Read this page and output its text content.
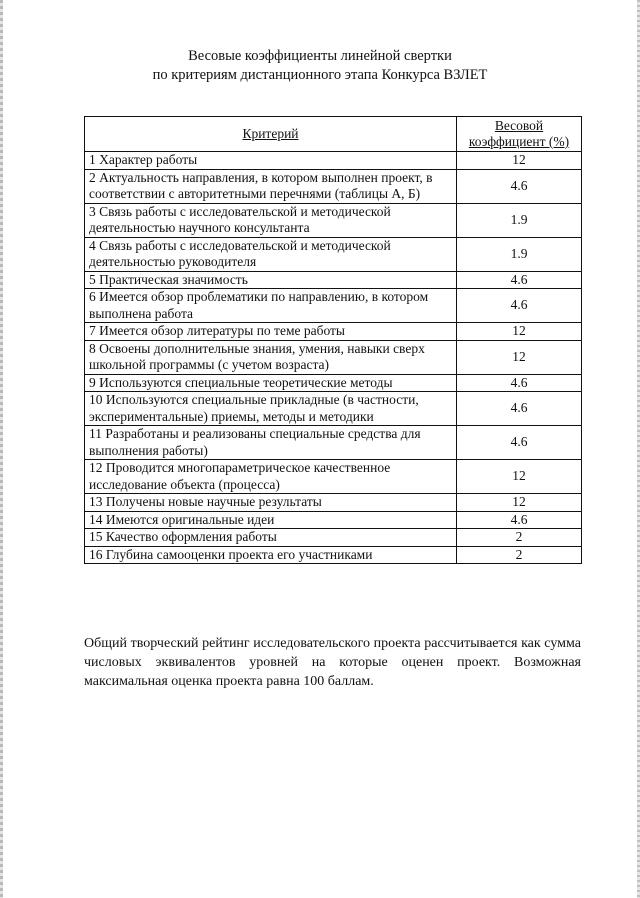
Весовые коэффициенты линейной свертки
по критериям дистанционного этапа Конкурса ВЗЛЕТ
Критерий	Весовой
коэффициент (%)
1 Характер работы	12
2 Актуальность направления, в котором выполнен проект, в соответствии с авторитетными перечнями (таблицы А, Б)	4.6
3 Связь работы с исследовательской и методической деятельностью научного консультанта	1.9
4 Связь работы с исследовательской и методической деятельностью руководителя	1.9
5 Практическая значимость	4.6
6 Имеется обзор проблематики по направлению, в котором выполнена работа	4.6
7 Имеется обзор литературы по теме работы	12
8 Освоены дополнительные знания, умения, навыки сверх школьной программы (с учетом возраста)	12
9 Используются специальные теоретические методы	4.6
10 Используются специальные прикладные (в частности, экспериментальные) приемы, методы и методики	4.6
11 Разработаны и реализованы специальные средства для выполнения работы)	4.6
12 Проводится многопараметрическое качественное исследование объекта (процесса)	12
13 Получены новые научные результаты	12
14 Имеются оригинальные идеи	4.6
15 Качество оформления работы	2
16 Глубина самооценки проекта его участниками	2
Общий творческий рейтинг исследовательского проекта рассчитывается как сумма числовых эквивалентов уровней на которые оценен проект. Возможная максимальная оценка проекта равна 100 баллам.
